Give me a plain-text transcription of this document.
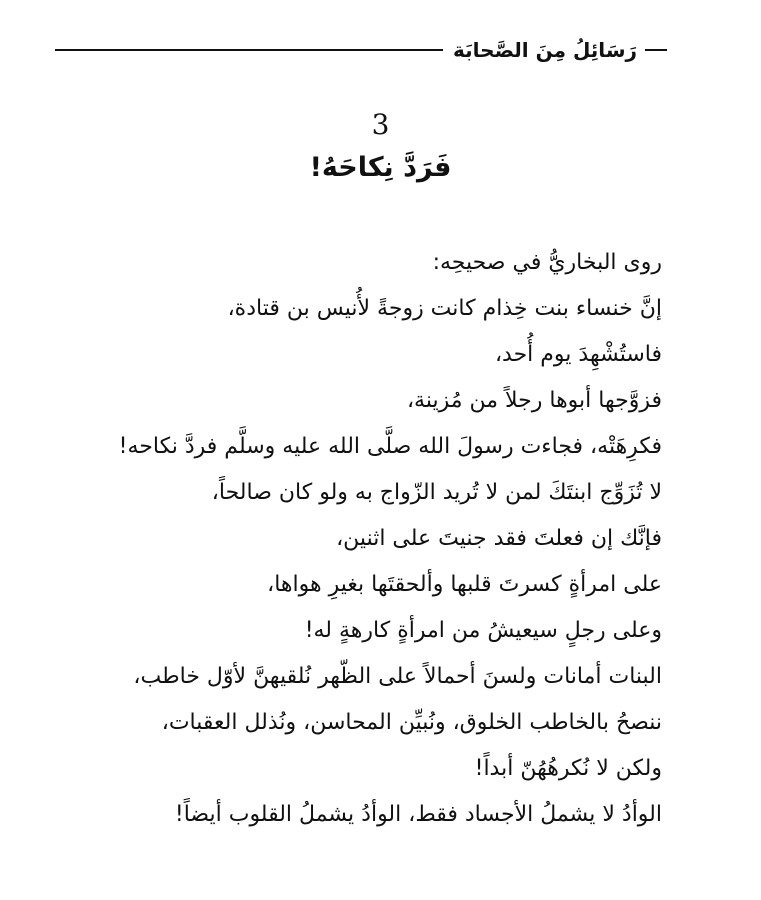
رَسَائِلُ مِنَ الصَّحابَة
3
فَرَدَّ نِكاحَهُ!
روى البخاريُّ في صحيحِه:
إنَّ خنساء بنت خِذام كانت زوجةً لأُنيس بن قتادة،
فاستُشْهِدَ يوم أُحد،
فزوَّجها أبوها رجلاً من مُزينة،
فكرِهَتْه، فجاءت رسولَ الله صلَّى الله عليه وسلَّم فردَّ نكاحه!
لا تُزَوِّج ابنتَكَ لمن لا تُريد الزّواج به ولو كان صالحاً،
فإنَّك إن فعلتَ فقد جنيتَ على اثنين،
على امرأةٍ كسرتَ قلبها وألحقتَها بغيرِ هواها،
وعلى رجلٍ سيعيشُ من امرأةٍ كارهةٍ له!
البنات أمانات ولسنَ أحمالاً على الظّهر نُلقيهنَّ لأوّل خاطب،
ننصحُ بالخاطب الخلوق، ونُبيِّن المحاسن، ونُذلل العقبات،
ولكن لا نُكرهُهُنّ أبداً!
الوأدُ لا يشملُ الأجساد فقط، الوأدُ يشملُ القلوب أيضاً!
